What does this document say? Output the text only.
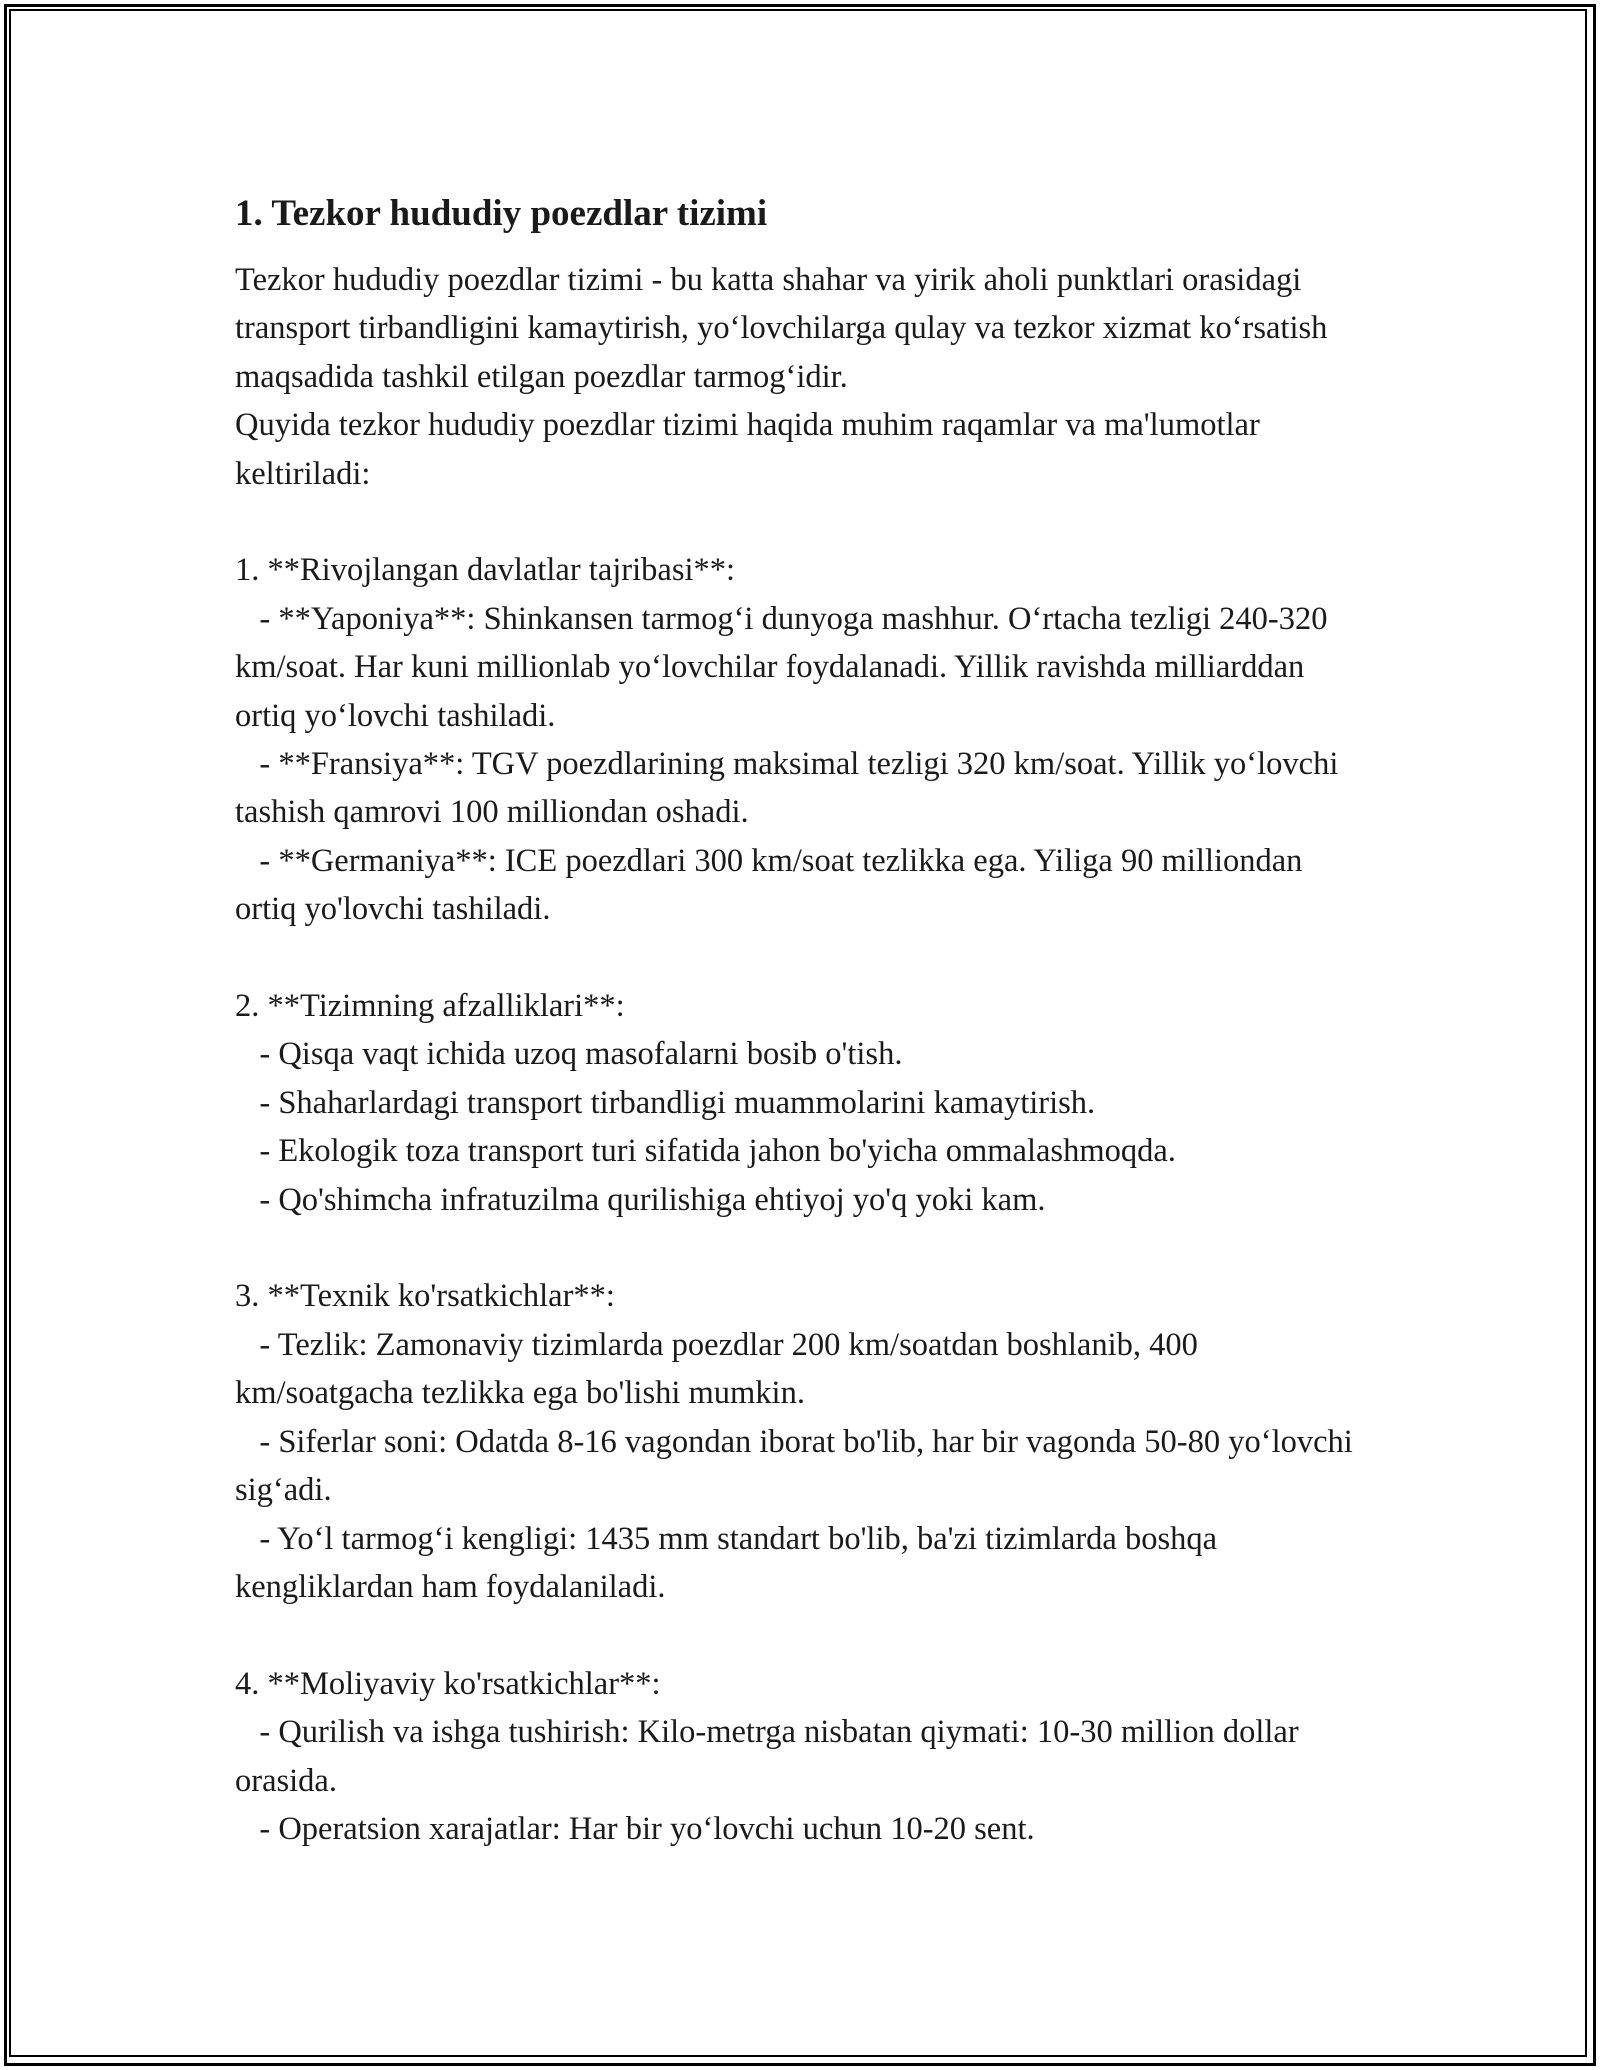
1. Tezkor hududiy poezdlar tizimi

Tezkor hududiy poezdlar tizimi - bu katta shahar va yirik aholi punktlari orasidagi transport tirbandligini kamaytirish, yo‘lovchilarga qulay va tezkor xizmat ko‘rsatish maqsadida tashkil etilgan poezdlar tarmog‘idir.

Quyida tezkor hududiy poezdlar tizimi haqida muhim raqamlar va ma'lumotlar keltiriladi:

1. **Rivojlangan davlatlar tajribasi**:

- **Yaponiya**: Shinkansen tarmog‘i dunyoga mashhur. O‘rtacha tezligi 240-320 km/soat. Har kuni millionlab yo‘lovchilar foydalanadi. Yillik ravishda milliarddan ortiq yo‘lovchi tashiladi.

- **Fransiya**: TGV poezdlarining maksimal tezligi 320 km/soat. Yillik yo‘lovchi tashish qamrovi 100 milliondan oshadi.

- **Germaniya**: ICE poezdlari 300 km/soat tezlikka ega. Yiliga 90 milliondan ortiq yo'lovchi tashiladi.

2. **Tizimning afzalliklari**:

- Qisqa vaqt ichida uzoq masofalarni bosib o'tish.

- Shaharlardagi transport tirbandligi muammolarini kamaytirish.

- Ekologik toza transport turi sifatida jahon bo'yicha ommalashmoqda.

- Qo'shimcha infratuzilma qurilishiga ehtiyoj yo'q yoki kam.

3. **Texnik ko'rsatkichlar**:

- Tezlik: Zamonaviy tizimlarda poezdlar 200 km/soatdan boshlanib, 400 km/soatgacha tezlikka ega bo'lishi mumkin.

- Siferlar soni: Odatda 8-16 vagondan iborat bo'lib, har bir vagonda 50-80 yo‘lovchi sig‘adi.

- Yo‘l tarmog‘i kengligi: 1435 mm standart bo'lib, ba'zi tizimlarda boshqa kengliklardan ham foydalaniladi.

4. **Moliyaviy ko'rsatkichlar**:

- Qurilish va ishga tushirish: Kilo-metrga nisbatan qiymati: 10-30 million dollar orasida.

- Operatsion xarajatlar: Har bir yo‘lovchi uchun 10-20 sent.
